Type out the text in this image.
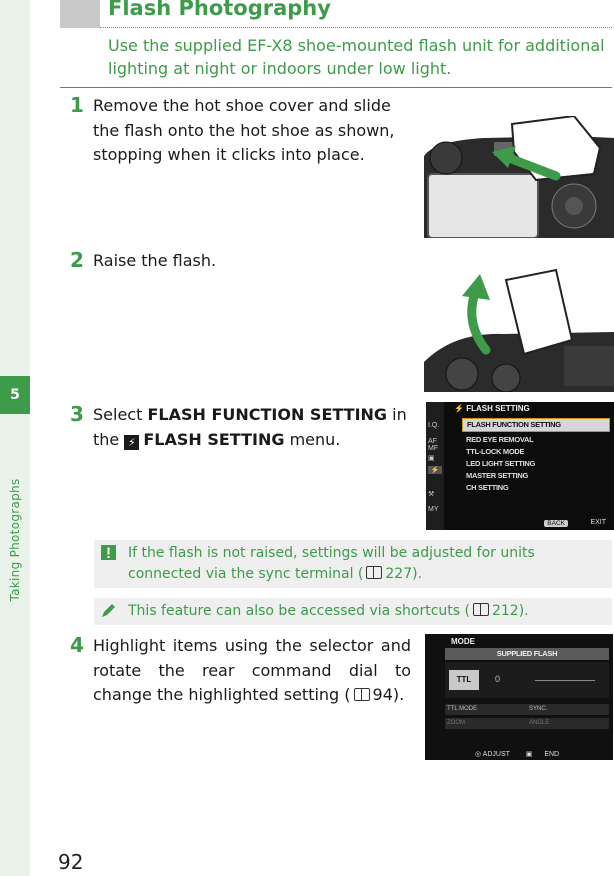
5
Taking Photographs
92
Flash Photography
Use the supplied EF-X8 shoe-mounted flash unit for additional lighting at night or indoors under low light.
1 Remove the hot shoe cover and slide the flash onto the hot shoe as shown, stopping when it clicks into place.
2 Raise the flash.
3 Select FLASH FUNCTION SETTING in the ⚡ FLASH SETTING menu.
I.Q.
AF MF
▣
⚡
⚒
MY
⚡ FLASH SETTING
FLASH FUNCTION SETTING
RED EYE REMOVAL
TTL-LOCK MODE
LED LIGHT SETTING
MASTER SETTING
CH SETTING
BACK	EXIT
If the flash is not raised, settings will be adjusted for units connected via the sync terminal ( 227).
This feature can also be accessed via shortcuts ( 212).
4 Highlight items using the selector and rotate the rear command dial to change the highlighted setting ( 94).
MODE
SUPPLIED FLASH
TTL	0
TTL MODE	SYNC.
ZOOM	ANGLE
◎ ADJUST ▣ END
